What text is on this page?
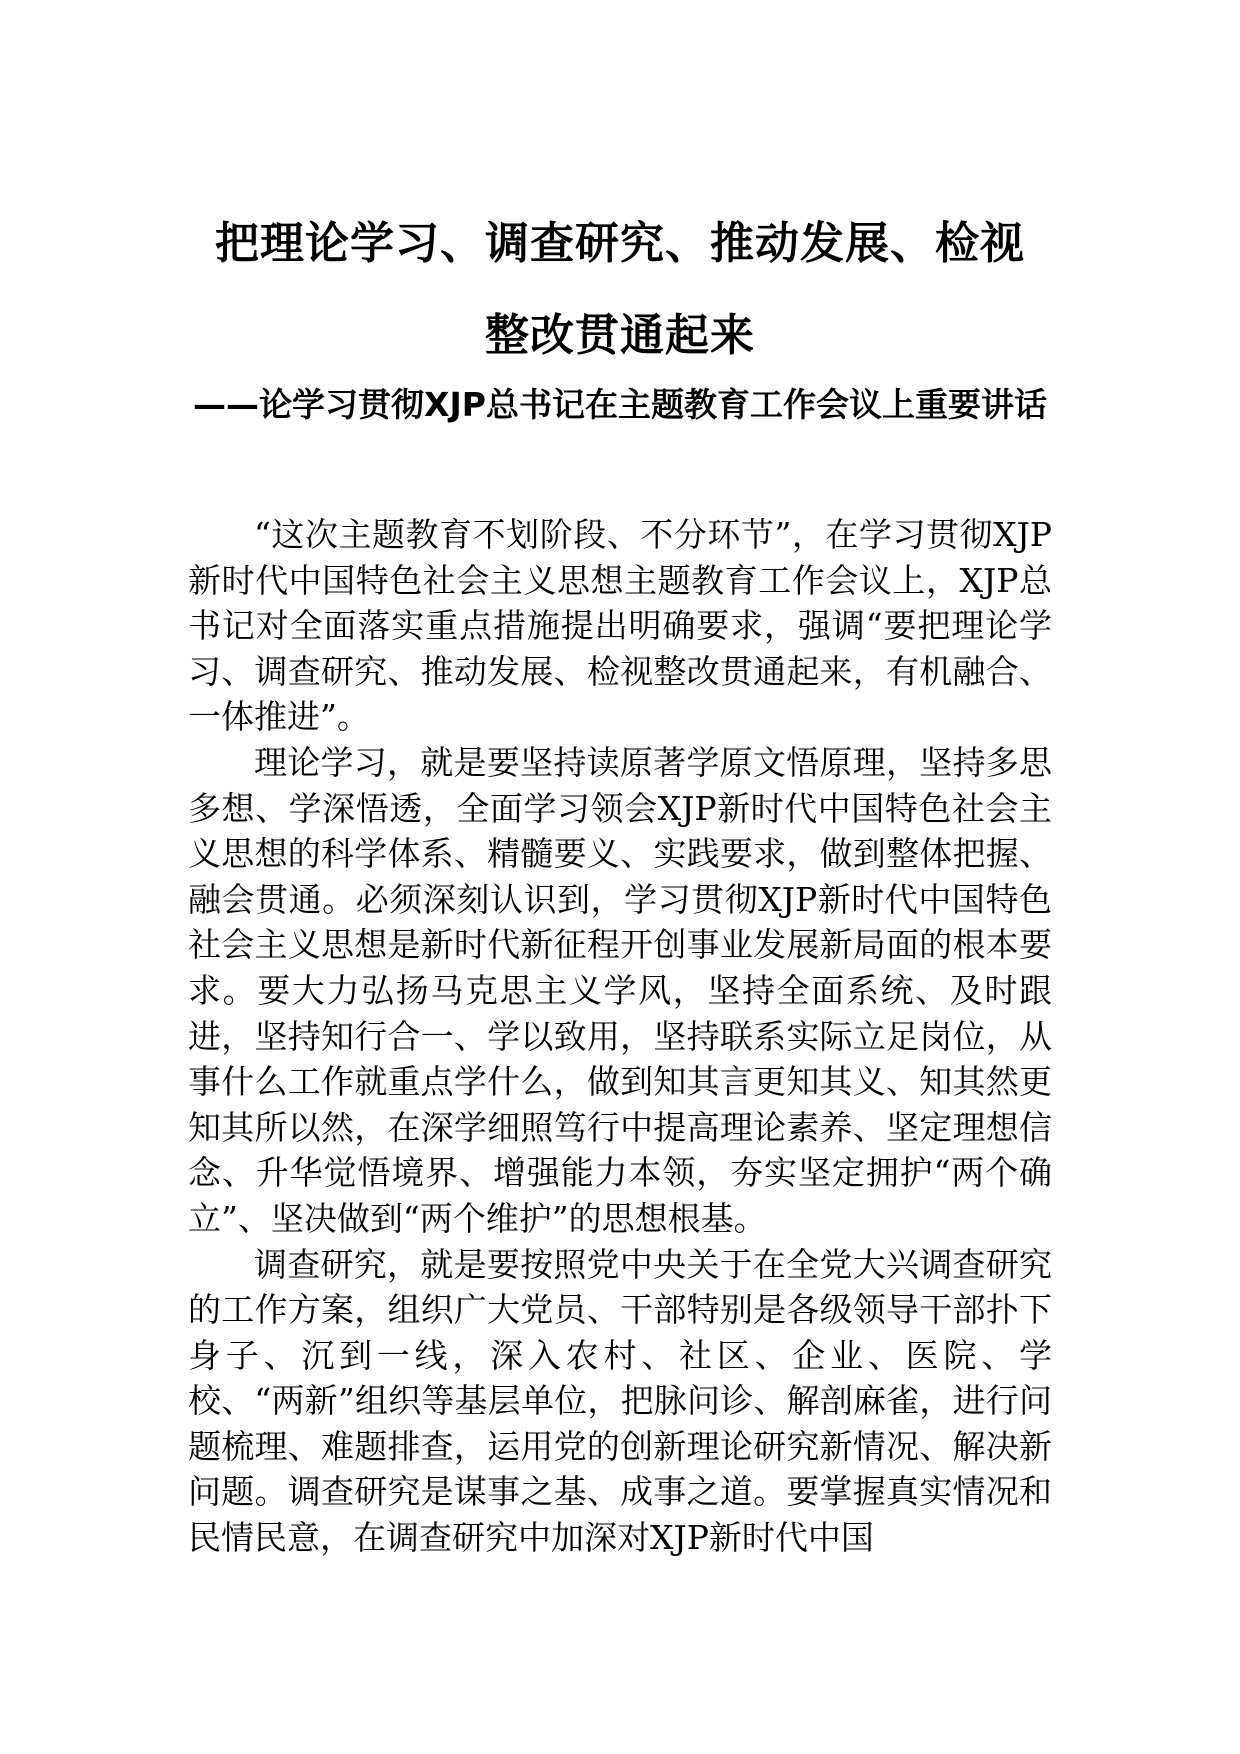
把理论学习、调查研究、推动发展、检视
整改贯通起来
——论学习贯彻XJP总书记在主题教育工作会议上重要讲话

“这次主题教育不划阶段、不分环节”，在学习贯彻XJP新时代中国特色社会主义思想主题教育工作会议上，XJP总书记对全面落实重点措施提出明确要求，强调“要把理论学习、调查研究、推动发展、检视整改贯通起来，有机融合、一体推进”。

理论学习，就是要坚持读原著学原文悟原理，坚持多思多想、学深悟透，全面学习领会XJP新时代中国特色社会主义思想的科学体系、精髓要义、实践要求，做到整体把握、融会贯通。必须深刻认识到，学习贯彻XJP新时代中国特色社会主义思想是新时代新征程开创事业发展新局面的根本要求。要大力弘扬马克思主义学风，坚持全面系统、及时跟进，坚持知行合一、学以致用，坚持联系实际立足岗位，从事什么工作就重点学什么，做到知其言更知其义、知其然更知其所以然，在深学细照笃行中提高理论素养、坚定理想信念、升华觉悟境界、增强能力本领，夯实坚定拥护“两个确立”、坚决做到“两个维护”的思想根基。

调查研究，就是要按照党中央关于在全党大兴调查研究的工作方案，组织广大党员、干部特别是各级领导干部扑下身子、沉到一线，深入农村、社区、企业、医院、学校、“两新”组织等基层单位，把脉问诊、解剖麻雀，进行问题梳理、难题排查，运用党的创新理论研究新情况、解决新问题。调查研究是谋事之基、成事之道。要掌握真实情况和民情民意，在调查研究中加深对XJP新时代中国
